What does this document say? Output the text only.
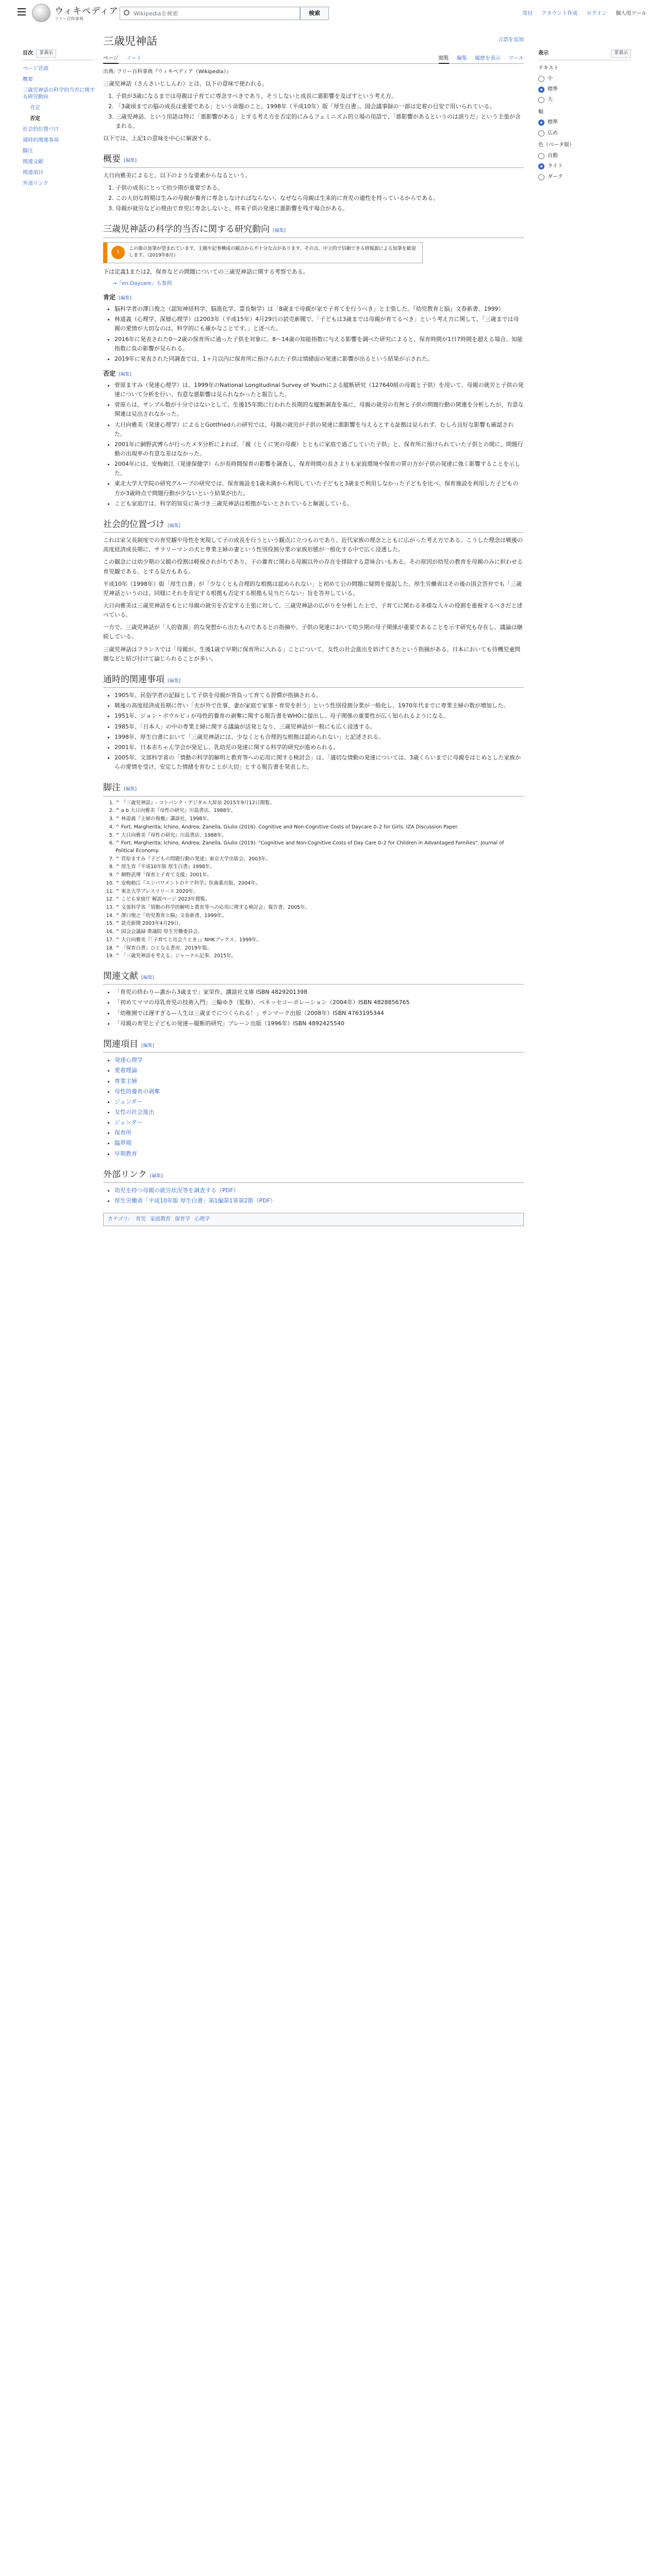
ウィキペディア
フリー百科事典
Wikipediaを検索	検索	寄付 アカウント作成 ログイン 個人用ツール
目次	非表示
ページ冒頭
概要
三歳児神話の科学的当否に関する研究動向
肯定
否定
社会的位置づけ
通時的関連事項
脚注
関連文献
関連項目
外部リンク
三歳児神話	言語を追加
ページ ノート	閲覧 編集 履歴を表示 ツール
出典: フリー百科事典『ウィキペディア（Wikipedia）』

三歳児神話（さんさいじしんわ）とは、以下の意味で使われる。

1. 子供が3歳になるまでは母親は子育てに専念すべきであり、そうしないと成長に悪影響を及ぼすという考え方。
2. 「3歳頃までの脳の成長は重要である」という命題のこと。1998年（平成10年）版「厚生白書」、国会議事録の一部は定着の目安で用いられている。
3. 三歳児神話、という用語は特に「悪影響がある」とする考え方を否定的にみるフェミニズム的立場の用語で、「悪影響があるというのは誤りだ」という主張が含まれる。

以下では、上記1の意味を中心に解説する。

概要 [編集]

大日向雅美によると、以下のような要素からなるという。

1. 子供の成長にとって幼少期が重要である。
2. この大切な時期は生みの母親が養育に専念しなければならない。なぜなら母親は生来的に育児の適性を持っているからである。
3. 母親が就労などの理由で育児に専念しないと、将来子供の発達に悪影響を残す場合がある。
三歳児神話の科学的当否に関する研究動向 [編集]
!
この節の加筆が望まれています。主題や記事構成の観点から不十分な点があります。その点、中立的で信頼できる情報源による加筆を歓迎します。（2019年8月）

下は定義1または2、保育などの問題についての三歳児神話に関する考察である。

→「en:Daycare」も参照
肯定 [編集]
• 脳科学者の澤口俊之（認知神経科学、脳進化学、霊長類学）は「8歳まで母親が家で子育てを行うべき」と主張した。『幼児教育と脳』文春新書、1999）
• 林道義（心理学、深層心理学）は2003年（平成15年）4月29日の読売新聞で、「子どもは3歳までは母親が育てるべき」という考え方に関して、「三歳までは母親の愛情が大切なのは、科学的にも確かなことです。」と述べた。
• 2016年に発表された0～2歳の保育所に通った子供を対象に、8～14歳の知能指数に与える影響を調べた研究によると、保育時間が1日7時間を超える場合、知能指数に負の影響が見られる。
• 2019年に発表された同調査では、1ヶ月以内に保育所に預けられた子供は情緒面の発達に影響が出るという結果が示された。
否定 [編集]
• 菅原ますみ（発達心理学）は、1999年のNational Longitudinal Survey of Youthによる縦断研究（127640組の母親と子供）を用いて、母親の就労と子供の発達について分析を行い、有意な悪影響は見られなかったと報告した。
• 菅原らは、サンプル数が十分ではないとして、生後15年間に行われた長期的な縦断調査を基に、母親の就労の有無と子供の問題行動の関連を分析したが、有意な関連は見出されなかった。
• 大日向雅美（発達心理学）によるとGottfriedらの研究では、母親の就労が子供の発達に悪影響を与えるとする証拠は見られず、むしろ良好な影響も確認された。
• 2001年に網野武博らが行ったメタ分析によれば、「親（とくに実の母親）とともに家庭で過ごしていた子供」と、保育所に預けられていた子供との間に、問題行動の出現率の有意な差はなかった。
• 2004年には、安梅勅江（発達保健学）らが長時間保育の影響を調査し、保育時間の長さよりも家庭環境や保育の質の方が子供の発達に強く影響することを示した。
• 東北大学大学院の研究グループの研究では、保育施設を1歳未満から利用していた子どもと3歳まで利用しなかった子どもを比べ、保育施設を利用した子どもの方が3歳時点で問題行動が少ないという結果が出た。
• こども家庭庁は、科学的知見に基づき三歳児神話は根拠がないとされていると解説している。
社会的位置づけ [編集]

これは家父長制度での育児観や母性を実現して子の成長を行うという観点に立つものであり、近代家族の理念とともに広がった考え方である。こうした理念は戦後の高度経済成長期に、サラリーマンの夫と専業主婦の妻という性別役割分業の家族形態が一般化する中で広く浸透した。

この観念には幼少期の父親の役割は軽視されがちであり、子の養育に関わる母親以外の存在を排除する意味合いもある。その原因が幼児の教育を母親のみに担わせる育児観である、とする見方もある。

平成10年（1998年）版「厚生白書」が「少なくとも合理的な根拠は認められない」と初めて公の問題に疑問を提起した。厚生労働省はその後の国会答弁でも「三歳児神話というのは、同様にそれを肯定する根拠も否定する根拠も見当たらない」旨を答弁している。

大日向雅美は三歳児神話をもとに母親の就労を否定する主張に対して、三歳児神話の広がりを分析した上で、子育てに関わる多様な人々の役割を重視するべきだと述べている。

一方で、三歳児神話が「人的資源」的な発想から出たものであるとの指摘や、子供の発達において幼少期の母子関係が重要であることを示す研究も存在し、議論は継続している。

三歳児神話はフランスでは「母親が、生後1歳で早期に保育所に入れる」ことについて、女性の社会進出を妨げてきたという指摘がある。日本においても待機児童問題などと結び付けて論じられることが多い。

通時的関連事項 [編集]
• 1905年、民俗学者の記録として子供を母親が背負って育てる習慣が指摘される。
• 戦後の高度経済成長期に伴い「夫が外で仕事、妻が家庭で家事・育児を担う」という性別役割分業が一般化し、1970年代までに専業主婦の数が増加した。
• 1951年、ジョン・ボウルビィが母性的養育の剥奪に関する報告書をWHOに提出し、母子関係の重要性が広く知られるようになる。
• 1985年、「日本人」の中の専業主婦に関する議論が活発となり、三歳児神話が一般にも広く浸透する。
• 1998年、厚生白書において「三歳児神話には、少なくとも合理的な根拠は認められない」と記述される。
• 2001年、日本赤ちゃん学会が発足し、乳幼児の発達に関する科学的研究が進められる。
• 2005年、文部科学省の「情動の科学的解明と教育等への応用に関する検討会」は、「適切な情動の発達については、3歳くらいまでに母親をはじめとした家族からの愛情を受け、安定した情緒を育むことが大切」とする報告書を発表した。
脚注 [編集]
1. ^ 『三歳児神話』- コトバンク・デジタル大辞泉 2015年9月12日閲覧。
2. ^ a b 大日向雅美『母性の研究』川島書店、1988年。
3. ^ 林道義『主婦の復権』講談社、1998年。
4. ^ Fort, Margherita; Ichino, Andrea; Zanella, Giulio (2016). Cognitive and Non-Cognitive Costs of Daycare 0–2 for Girls. IZA Discussion Paper.
5. ^ 大日向雅美『母性の研究』川島書店、1988年。
6. ^ Fort, Margherita; Ichino, Andrea; Zanella, Giulio (2019). "Cognitive and Non-Cognitive Costs of Day Care 0–2 for Children in Advantaged Families". Journal of Political Economy.
7. ^ 菅原ますみ『子どもの問題行動の発達』東京大学出版会、2003年。
8. ^ 厚生省『平成10年版 厚生白書』1998年。
9. ^ 網野武博「保育と子育て支援」2001年。
10. ^ 安梅勅江『エンパワメントのケア科学』医歯薬出版、2004年。
11. ^ 東北大学プレスリリース 2020年。
12. ^ こども家庭庁 解説ページ 2023年閲覧。
13. ^ 文部科学省「情動の科学的解明と教育等への応用に関する検討会」報告書、2005年。
14. ^ 澤口俊之『幼児教育と脳』文春新書、1999年。
15. ^ 読売新聞 2003年4月29日。
16. ^ 国会会議録 衆議院 厚生労働委員会。
17. ^ 大日向雅美『「子育てと出会うとき」』NHKブックス、1999年。
18. ^ 「保育白書」ひとなる書房、2019年版。
19. ^ 「三歳児神話を考える」ジャーナル記事、2015年。
関連文献 [編集]
• 「育児の終わり—誰から3歳まで」家栄作、講談社文庫 ISBN 4829201398
• 「初めてママの母乳育児の技術入門」三輪ゆき（監修）、ベネッセコーポレーション（2004年）ISBN 4828856765
• 「幼稚園では遅すぎる—人生は三歳までにつくられる！」サンマーク出版（2008年）ISBN 4763195344
• 「母親の育児と子どもの発達—縦断的研究」ブレーン出版（1996年）ISBN 4892425540
関連項目 [編集]
• 発達心理学
• 愛着理論
• 専業主婦
• 母性的養育の剥奪
• ジェンダー
• 女性の社会進出
• ジェンダー
• 保育所
• 臨界期
• 早期教育
外部リンク [編集]
• 幼児を持つ母親の就労状況等を調査する（PDF）
• 厚生労働省「平成10年版 厚生白書」第1編第1章第2節（PDF）
カテゴリ: 育児 家庭教育 保育学 心理学
表示	非表示
テキスト
小
標準
大
幅
標準
広め
色（ベータ版）
自動
ライト
ダーク
